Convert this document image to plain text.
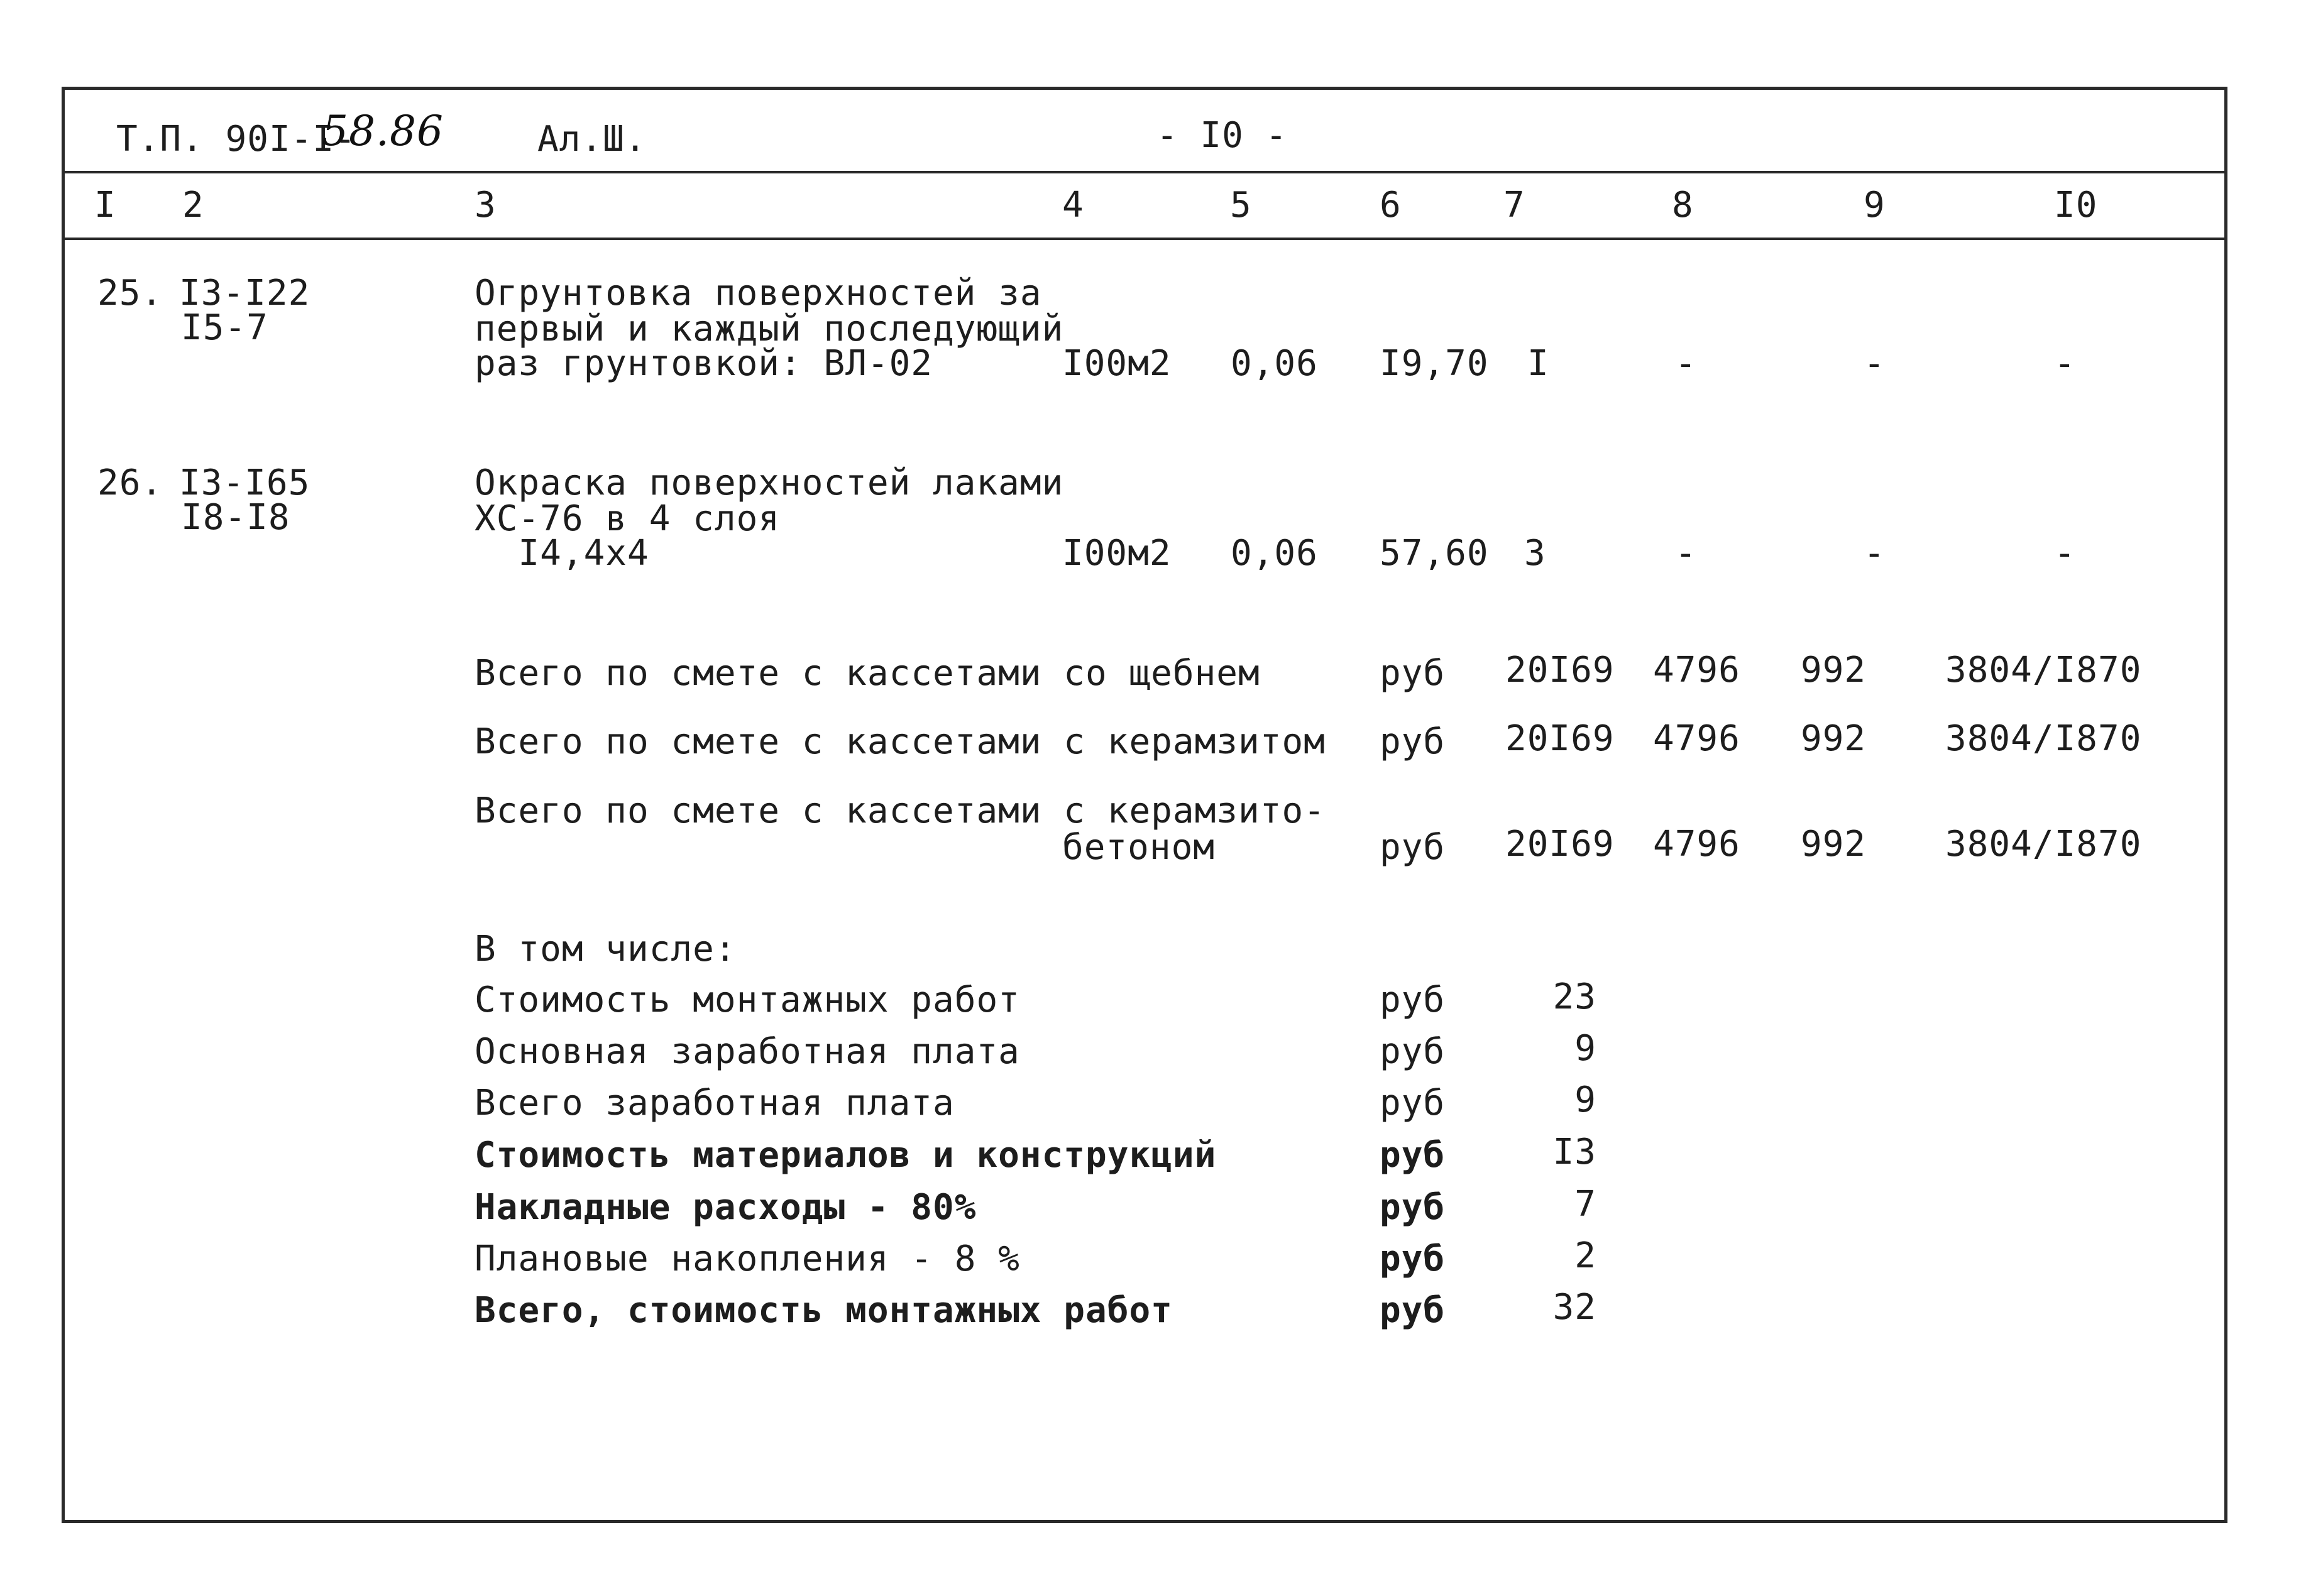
Т.П. 90I-I-
58.86	Ал.Ш.	- I0 -
I 2	3	4	5	6	7	8	9	I0
25. I3-I22
I5-7
Огрунтовка поверхностей за
первый и каждый последующий
раз грунтовкой: ВЛ-02	I00м2 0,06 I9,70 I	-	-	-
26. I3-I65
I8-I8
Окраска поверхностей лаками
ХС-76 в 4 слоя
I4,4x4	I00м2 0,06 57,60 3	-	-	-
Всего по смете с кассетами со щебнем	руб 20I69 4796 992 3804/I870
Всего по смете с кассетами с керамзитом руб 20I69 4796 992 3804/I870
Всего по смете с кассетами с керамзито-
бетоном	руб 20I69 4796 992 3804/I870
В том числе:
Стоимость монтажных работ	руб	23
Основная заработная плата	руб	9
Всего заработная плата	руб	9
Стоимость материалов и конструкций	руб	I3
Накладные расходы - 80%	руб	7
Плановые накопления - 8 %	руб	2
Всего, стоимость монтажных работ	руб	32
